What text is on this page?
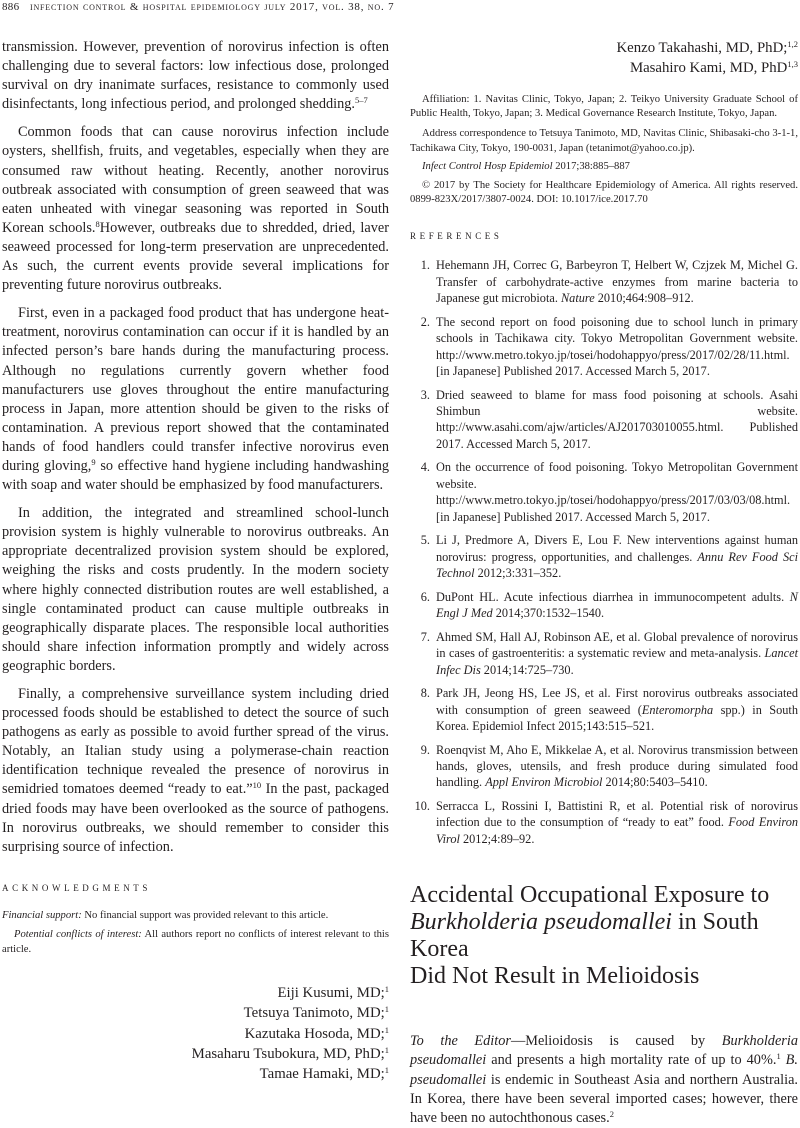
886 infection control & hospital epidemiology july 2017, vol. 38, no. 7

transmission. However, prevention of norovirus infection is often challenging due to several factors: low infectious dose, prolonged survival on dry inanimate surfaces, resistance to commonly used disinfectants, long infectious period, and prolonged shedding.$^{5-7}$

Common foods that can cause norovirus infection include oysters, shellfish, fruits, and vegetables, especially when they are consumed raw without heating. Recently, another norovirus outbreak associated with consumption of green seaweed that was eaten unheated with vinegar seasoning was reported in South Korean schools.$^8$However, outbreaks due to shredded, dried, laver seaweed processed for long-term preservation are unprecedented. As such, the current events provide several implications for preventing future norovirus outbreaks.

First, even in a packaged food product that has undergone heat-treatment, norovirus contamination can occur if it is handled by an infected person’s bare hands during the manufacturing process. Although no regulations currently govern whether food manufacturers use gloves throughout the entire manufacturing process in Japan, more attention should be given to the risks of contamination. A previous report showed that the contaminated hands of food handlers could transfer infective norovirus even during gloving,$^9$ so effective hand hygiene including handwashing with soap and water should be emphasized by food manufacturers.

In addition, the integrated and streamlined school-lunch provision system is highly vulnerable to norovirus outbreaks. An appropriate decentralized provision system should be explored, weighing the risks and costs prudently. In the modern society where highly connected distribution routes are well established, a single contaminated product can cause multiple outbreaks in geographically disparate places. The responsible local authorities should share infection information promptly and widely across geographic borders.

Finally, a comprehensive surveillance system including dried processed foods should be established to detect the source of such pathogens as early as possible to avoid further spread of the virus. Notably, an Italian study using a polymerase-chain reaction identification technique revealed the presence of norovirus in semidried tomatoes deemed “ready to eat.”$^{10}$ In the past, packaged dried foods may have been overlooked as the source of pathogens. In norovirus outbreaks, we should remember to consider this surprising source of infection.

acknowledgments

Financial support: No financial support was provided relevant to this article.

Potential conflicts of interest: All authors report no conflicts of interest relevant to this article.

Eiji Kusumi, MD;$^1$

Tetsuya Tanimoto, MD;$^1$

Kazutaka Hosoda, MD;$^1$

Masaharu Tsubokura, MD, PhD;$^1$

Tamae Hamaki, MD;$^1$

Kenzo Takahashi, MD, PhD;$^{1,2}$

Masahiro Kami, MD, PhD$^{1,3}$

Affiliation: 1. Navitas Clinic, Tokyo, Japan; 2. Teikyo University Graduate School of Public Health, Tokyo, Japan; 3. Medical Governance Research Institute, Tokyo, Japan.

Address correspondence to Tetsuya Tanimoto, MD, Navitas Clinic, Shibasaki-cho 3-1-1, Tachikawa City, Tokyo, 190-0031, Japan (tetanimot@yahoo.co.jp).

Infect Control Hosp Epidemiol 2017;38:885–887

© 2017 by The Society for Healthcare Epidemiology of America. All rights reserved. 0899-823X/2017/3807-0024. DOI: 10.1017/ice.2017.70

references

1. Hehemann JH, Correc G, Barbeyron T, Helbert W, Czjzek M, Michel G. Transfer of carbohydrate-active enzymes from marine bacteria to Japanese gut microbiota. Nature 2010;464:908–912.
2. The second report on food poisoning due to school lunch in primary schools in Tachikawa city. Tokyo Metropolitan Government website. http://www.metro.tokyo.jp/tosei/hodohappyo/press/2017/02/28/11.html. [in Japanese] Published 2017. Accessed March 5, 2017.
3. Dried seaweed to blame for mass food poisoning at schools. Asahi Shimbun website. http://www.asahi.com/ajw/articles/AJ201703010055.html. Published 2017. Accessed March 5, 2017.
4. On the occurrence of food poisoning. Tokyo Metropolitan Government website. http://www.metro.tokyo.jp/tosei/hodohappyo/press/2017/03/03/08.html. [in Japanese] Published 2017. Accessed March 5, 2017.
5. Li J, Predmore A, Divers E, Lou F. New interventions against human norovirus: progress, opportunities, and challenges. Annu Rev Food Sci Technol 2012;3:331–352.
6. DuPont HL. Acute infectious diarrhea in immunocompetent adults. N Engl J Med 2014;370:1532–1540.
7. Ahmed SM, Hall AJ, Robinson AE, et al. Global prevalence of norovirus in cases of gastroenteritis: a systematic review and meta-analysis. Lancet Infec Dis 2014;14:725–730.
8. Park JH, Jeong HS, Lee JS, et al. First norovirus outbreaks associated with consumption of green seaweed (Enteromorpha spp.) in South Korea. Epidemiol Infect 2015;143:515–521.
9. Roenqvist M, Aho E, Mikkelae A, et al. Norovirus transmission between hands, gloves, utensils, and fresh produce during simulated food handling. Appl Environ Microbiol 2014;80:5403–5410.
10. Serracca L, Rossini I, Battistini R, et al. Potential risk of norovirus infection due to the consumption of “ready to eat” food. Food Environ Virol 2012;4:89–92.

Accidental Occupational Exposure to

Burkholderia pseudomallei in South Korea

Did Not Result in Melioidosis

To the Editor—Melioidosis is caused by Burkholderia pseudomallei and presents a high mortality rate of up to 40%.$^1$ B. pseudomallei is endemic in Southeast Asia and northern Australia. In Korea, there have been several imported cases; however, there have been no autochthonous cases.$^2$
